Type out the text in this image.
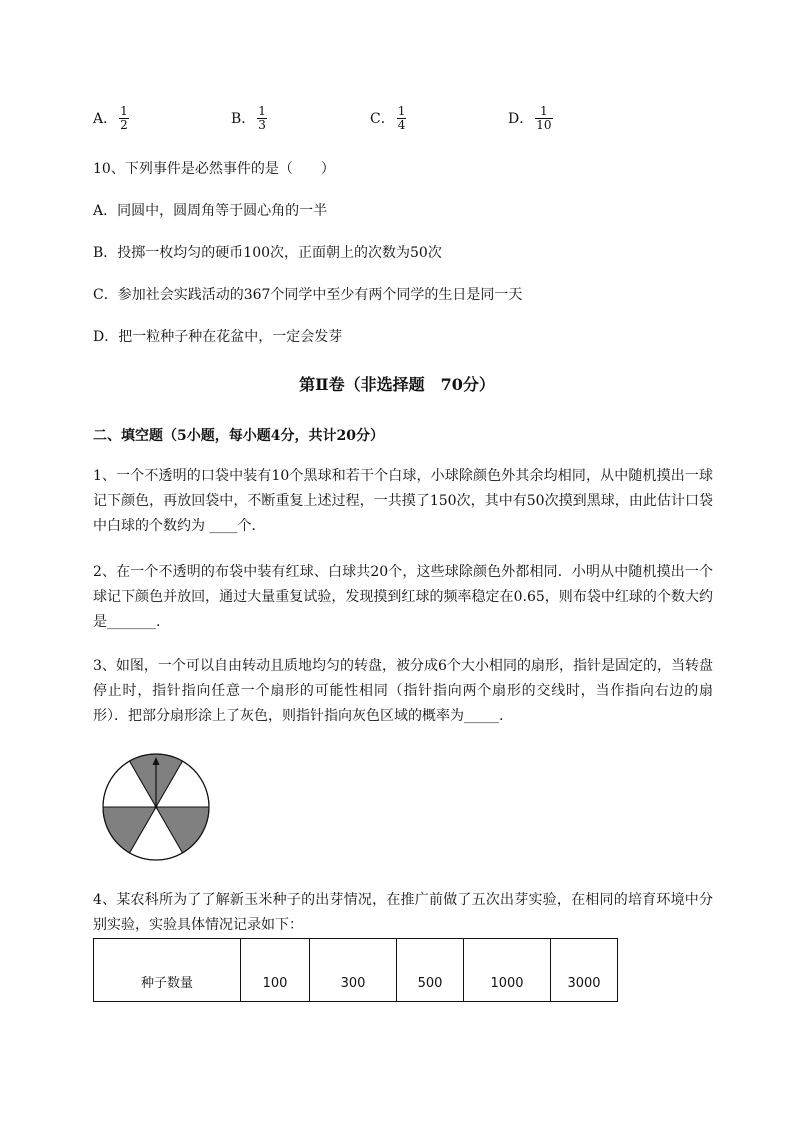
A． $\frac{1}{2}$	B． $\frac{1}{3}$	C． $\frac{1}{4}$	D． $\frac{1}{10}$
10、下列事件是必然事件的是（　　）
A．同圆中，圆周角等于圆心角的一半
B．投掷一枚均匀的硬币100次，正面朝上的次数为50次
C．参加社会实践活动的367个同学中至少有两个同学的生日是同一天
D．把一粒种子种在花盆中，一定会发芽
第Ⅱ卷（非选择题　70分）
二、填空题（5小题，每小题4分，共计20分）
1、一个不透明的口袋中装有10个黑球和若干个白球，小球除颜色外其余均相同，从中随机摸出一球记下颜色，再放回袋中，不断重复上述过程，一共摸了150次，其中有50次摸到黑球，由此估计口袋中白球的个数约为 ____个．
2、在一个不透明的布袋中装有红球、白球共20个，这些球除颜色外都相同．小明从中随机摸出一个球记下颜色并放回，通过大量重复试验，发现摸到红球的频率稳定在0.65，则布袋中红球的个数大约是_______.
3、如图，一个可以自由转动且质地均匀的转盘，被分成6个大小相同的扇形，指针是固定的，当转盘停止时，指针指向任意一个扇形的可能性相同（指针指向两个扇形的交线时，当作指向右边的扇形）．把部分扇形涂上了灰色，则指针指向灰色区域的概率为_____.
4、某农科所为了了解新玉米种子的出芽情况，在推广前做了五次出芽实验，在相同的培育环境中分别实验，实验具体情况记录如下：
种子数量	100	300	500	1000	3000
